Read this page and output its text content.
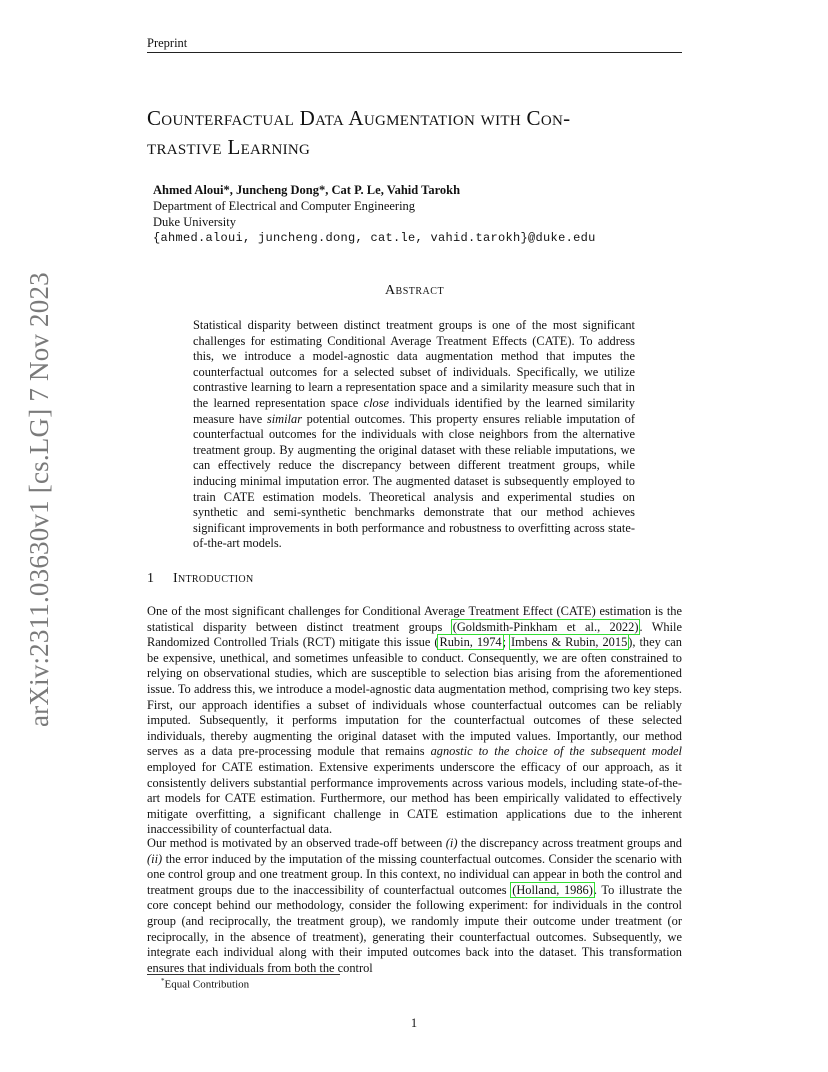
Preprint
arXiv:2311.03630v1 [cs.LG] 7 Nov 2023
Counterfactual Data Augmentation with Con-
trastive Learning
Ahmed Aloui*, Juncheng Dong*, Cat P. Le, Vahid Tarokh
Department of Electrical and Computer Engineering
Duke University
{ahmed.aloui, juncheng.dong, cat.le, vahid.tarokh}@duke.edu
Abstract
Statistical disparity between distinct treatment groups is one of the most significant challenges for estimating Conditional Average Treatment Effects (CATE). To address this, we introduce a model-agnostic data augmentation method that imputes the counterfactual outcomes for a selected subset of individuals. Specifically, we utilize contrastive learning to learn a representation space and a similarity measure such that in the learned representation space close individuals identified by the learned similarity measure have similar potential outcomes. This property ensures reliable imputation of counterfactual outcomes for the individuals with close neighbors from the alternative treatment group. By augmenting the original dataset with these reliable imputations, we can effectively reduce the discrepancy between different treatment groups, while inducing minimal imputation error. The augmented dataset is subsequently employed to train CATE estimation models. Theoretical analysis and experimental studies on synthetic and semi-synthetic benchmarks demonstrate that our method achieves significant improvements in both performance and robustness to overfitting across state-of-the-art models.
1 Introduction
One of the most significant challenges for Conditional Average Treatment Effect (CATE) estimation is the statistical disparity between distinct treatment groups (Goldsmith-Pinkham et al., 2022). While Randomized Controlled Trials (RCT) mitigate this issue (Rubin, 1974; Imbens & Rubin, 2015), they can be expensive, unethical, and sometimes unfeasible to conduct. Consequently, we are often constrained to relying on observational studies, which are susceptible to selection bias arising from the aforementioned issue. To address this, we introduce a model-agnostic data augmentation method, comprising two key steps. First, our approach identifies a subset of individuals whose counterfactual outcomes can be reliably imputed. Subsequently, it performs imputation for the counterfactual outcomes of these selected individuals, thereby augmenting the original dataset with the imputed values. Importantly, our method serves as a data pre-processing module that remains agnostic to the choice of the subsequent model employed for CATE estimation. Extensive experiments underscore the efficacy of our approach, as it consistently delivers substantial performance improvements across various models, including state-of-the-art models for CATE estimation. Furthermore, our method has been empirically validated to effectively mitigate overfitting, a significant challenge in CATE estimation applications due to the inherent inaccessibility of counterfactual data.
Our method is motivated by an observed trade-off between (i) the discrepancy across treatment groups and (ii) the error induced by the imputation of the missing counterfactual outcomes. Consider the scenario with one control group and one treatment group. In this context, no individual can appear in both the control and treatment groups due to the inaccessibility of counterfactual outcomes (Holland, 1986). To illustrate the core concept behind our methodology, consider the following experiment: for individuals in the control group (and reciprocally, the treatment group), we randomly impute their outcome under treatment (or reciprocally, in the absence of treatment), generating their counterfactual outcomes. Subsequently, we integrate each individual along with their imputed outcomes back into the dataset. This transformation ensures that individuals from both the control
*Equal Contribution
1
